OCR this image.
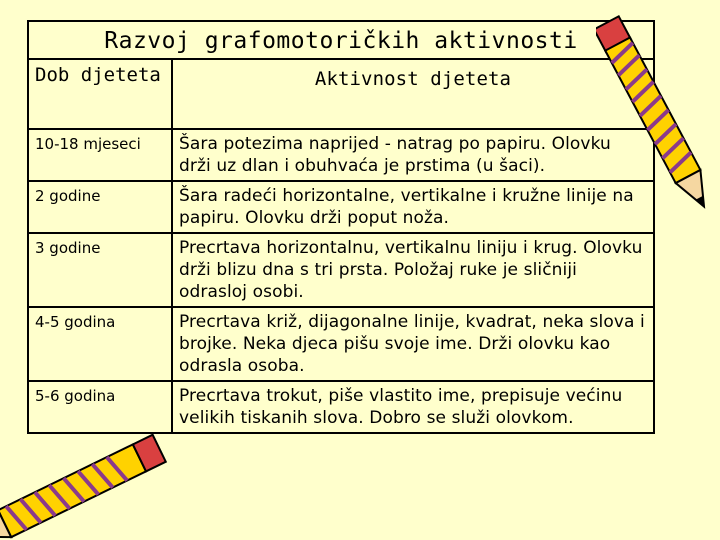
Razvoj grafomotoričkih aktivnosti
Dob djeteta	Aktivnost djeteta
10-18 mjeseci	Šara potezima naprijed - natrag po papiru. Olovku drži uz dlan i obuhvaća je prstima (u šaci).
2 godine	Šara radeći horizontalne, vertikalne i kružne linije na papiru. Olovku drži poput noža.
3 godine	Precrtava horizontalnu, vertikalnu liniju i krug. Olovku drži blizu dna s tri prsta. Položaj ruke je sličniji odrasloj osobi.
4-5 godina	Precrtava križ, dijagonalne linije, kvadrat, neka slova i brojke. Neka djeca pišu svoje ime. Drži olovku kao odrasla osoba.
5-6 godina	Precrtava trokut, piše vlastito ime, prepisuje većinu velikih tiskanih slova. Dobro se služi olovkom.
